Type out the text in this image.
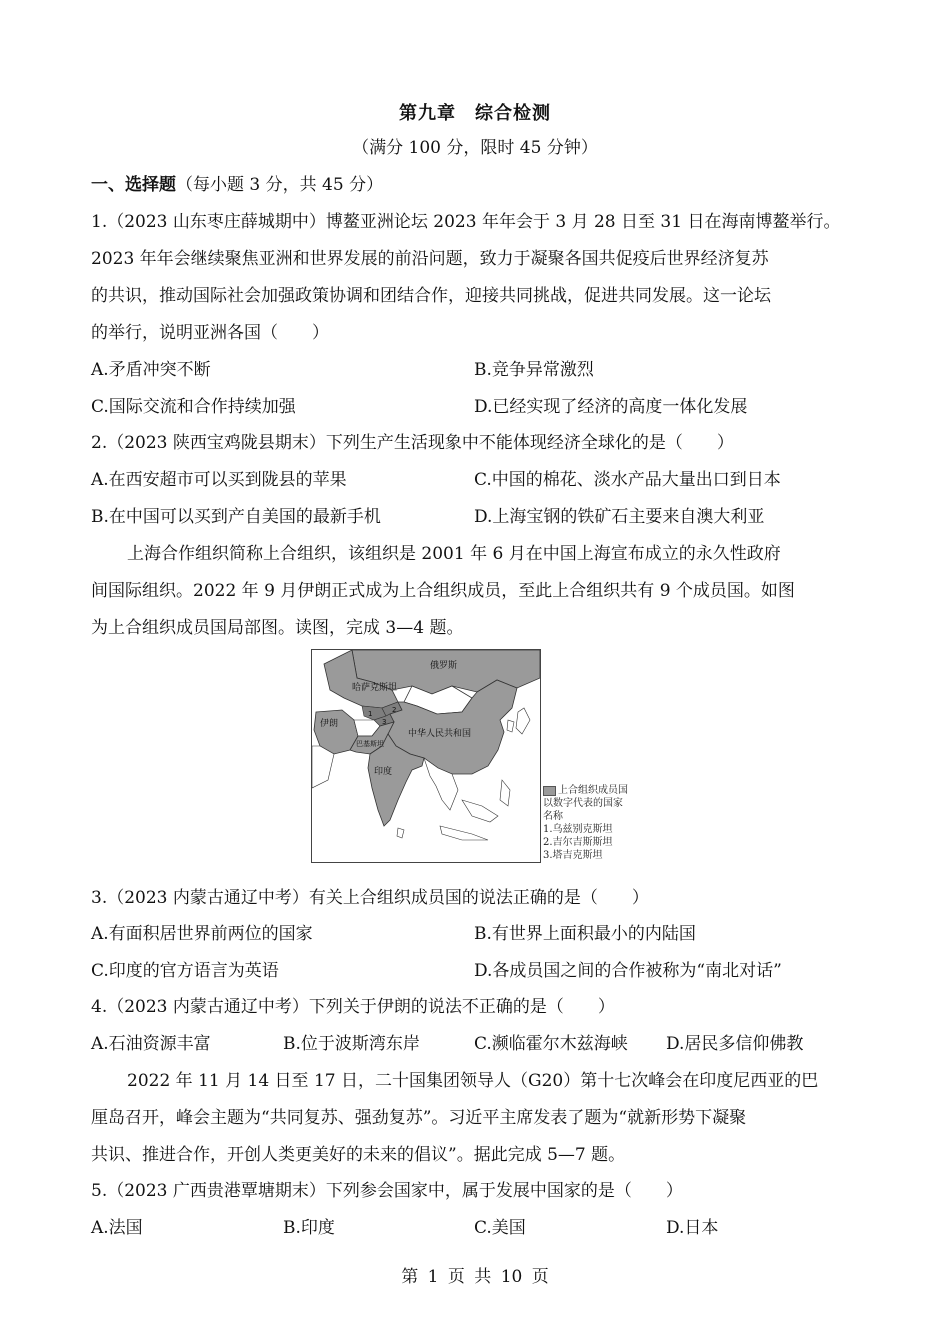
第九章　综合检测
（满分 100 分，限时 45 分钟）
一、选择题（每小题 3 分，共 45 分）
1.（2023 山东枣庄薛城期中）博鳌亚洲论坛 2023 年年会于 3 月 28 日至 31 日在海南博鳌举行。
2023 年年会继续聚焦亚洲和世界发展的前沿问题，致力于凝聚各国共促疫后世界经济复苏
的共识，推动国际社会加强政策协调和团结合作，迎接共同挑战，促进共同发展。这一论坛
的举行，说明亚洲各国（　　）
A.矛盾冲突不断	B.竞争异常激烈
C.国际交流和合作持续加强	D.已经实现了经济的高度一体化发展
2.（2023 陕西宝鸡陇县期末）下列生产生活现象中不能体现经济全球化的是（　　）
A.在西安超市可以买到陇县的苹果	C.中国的棉花、淡水产品大量出口到日本
B.在中国可以买到产自美国的最新手机	D.上海宝钢的铁矿石主要来自澳大利亚
上海合作组织简称上合组织，该组织是 2001 年 6 月在中国上海宣布成立的永久性政府
间国际组织。2022 年 9 月伊朗正式成为上合组织成员，至此上合组织共有 9 个成员国。如图
为上合组织成员国局部图。读图，完成 3—4 题。
俄罗斯
哈萨克斯坦
伊朗
中华人民共和国
巴基斯坦
印度
1	2
3
上合组织成员国
以数字代表的国家
名称
1.乌兹别克斯坦
2.吉尔吉斯斯坦
3.塔吉克斯坦
3.（2023 内蒙古通辽中考）有关上合组织成员国的说法正确的是（　　）
A.有面积居世界前两位的国家	B.有世界上面积最小的内陆国
C.印度的官方语言为英语	D.各成员国之间的合作被称为“南北对话”
4.（2023 内蒙古通辽中考）下列关于伊朗的说法不正确的是（　　）
A.石油资源丰富	B.位于波斯湾东岸	C.濒临霍尔木兹海峡 D.居民多信仰佛教
2022 年 11 月 14 日至 17 日，二十国集团领导人（G20）第十七次峰会在印度尼西亚的巴
厘岛召开，峰会主题为“共同复苏、强劲复苏”。习近平主席发表了题为“就新形势下凝聚
共识、推进合作，开创人类更美好的未来的倡议”。据此完成 5—7 题。
5.（2023 广西贵港覃塘期末）下列参会国家中，属于发展中国家的是（　　）
A.法国	B.印度	C.美国	D.日本
第 1 页 共 10 页
